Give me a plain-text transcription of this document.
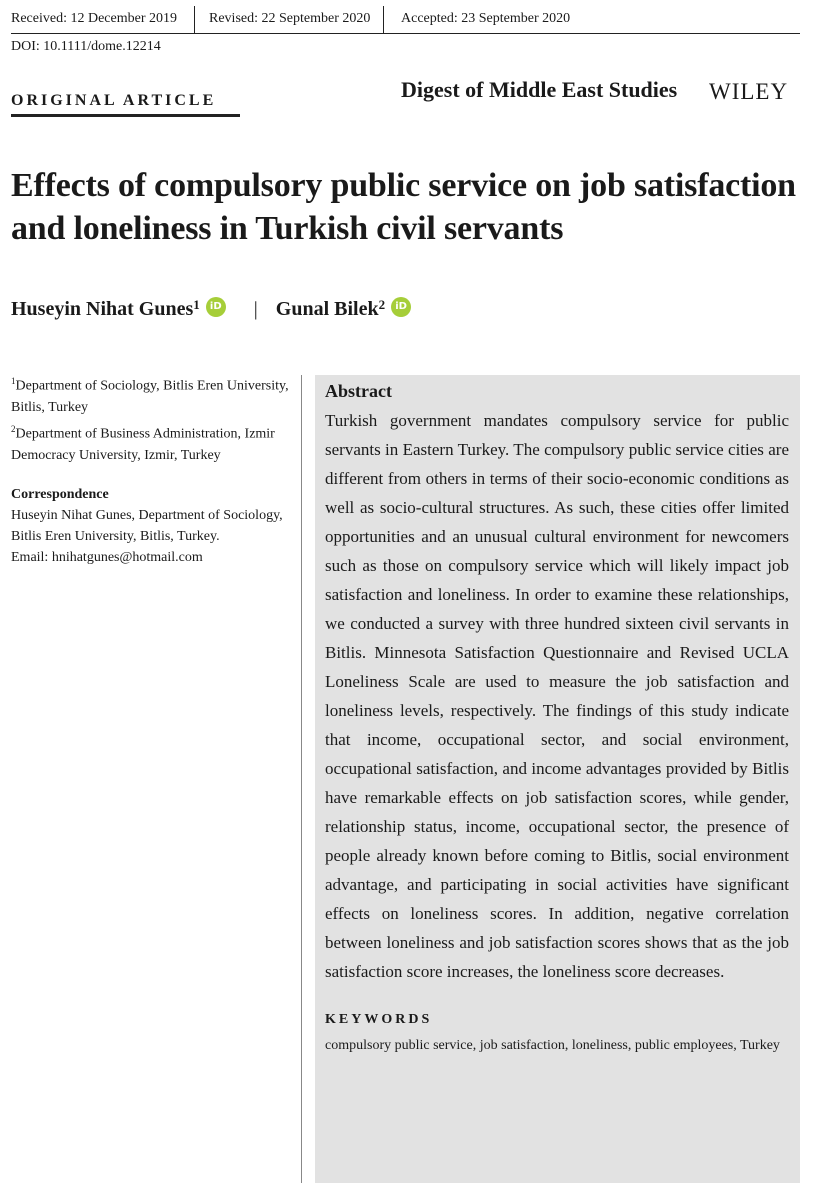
Received: 12 December 2019 Revised: 22 September 2020 Accepted: 23 September 2020
DOI: 10.1111/dome.12214
ORIGINAL ARTICLE	Digest of Middle East Studies WILEY
Effects of compulsory public service on job satisfaction and loneliness in Turkish civil servants
Huseyin Nihat Gunes$^1$ iD | Gunal Bilek$^2$ iD
$^1$Department of Sociology, Bitlis Eren University, Bitlis, Turkey
$^2$Department of Business Administration, Izmir Democracy University, Izmir, Turkey
Correspondence
Huseyin Nihat Gunes, Department of Sociology, Bitlis Eren University, Bitlis, Turkey.
Email: hnihatgunes@hotmail.com
Abstract
Turkish government mandates compulsory service for public servants in Eastern Turkey. The compulsory public service cities are different from others in terms of their socio-economic conditions as well as socio-cultural structures. As such, these cities offer limited opportunities and an unusual cultural environment for newcomers such as those on compulsory service which will likely impact job satisfaction and loneliness. In order to examine these relationships, we conducted a survey with three hundred sixteen civil servants in Bitlis. Minnesota Satisfaction Questionnaire and Revised UCLA Loneliness Scale are used to measure the job satisfaction and loneliness levels, respectively. The findings of this study indicate that income, occupational sector, and social environment, occupational satisfaction, and income advantages provided by Bitlis have remarkable effects on job satisfaction scores, while gender, relationship status, income, occupational sector, the presence of people already known before coming to Bitlis, social environment advantage, and participating in social activities have significant effects on loneliness scores. In addition, negative correlation between loneliness and job satisfaction scores shows that as the job satisfaction score increases, the loneliness score decreases.
KEYWORDS
compulsory public service, job satisfaction, loneliness, public employees, Turkey
